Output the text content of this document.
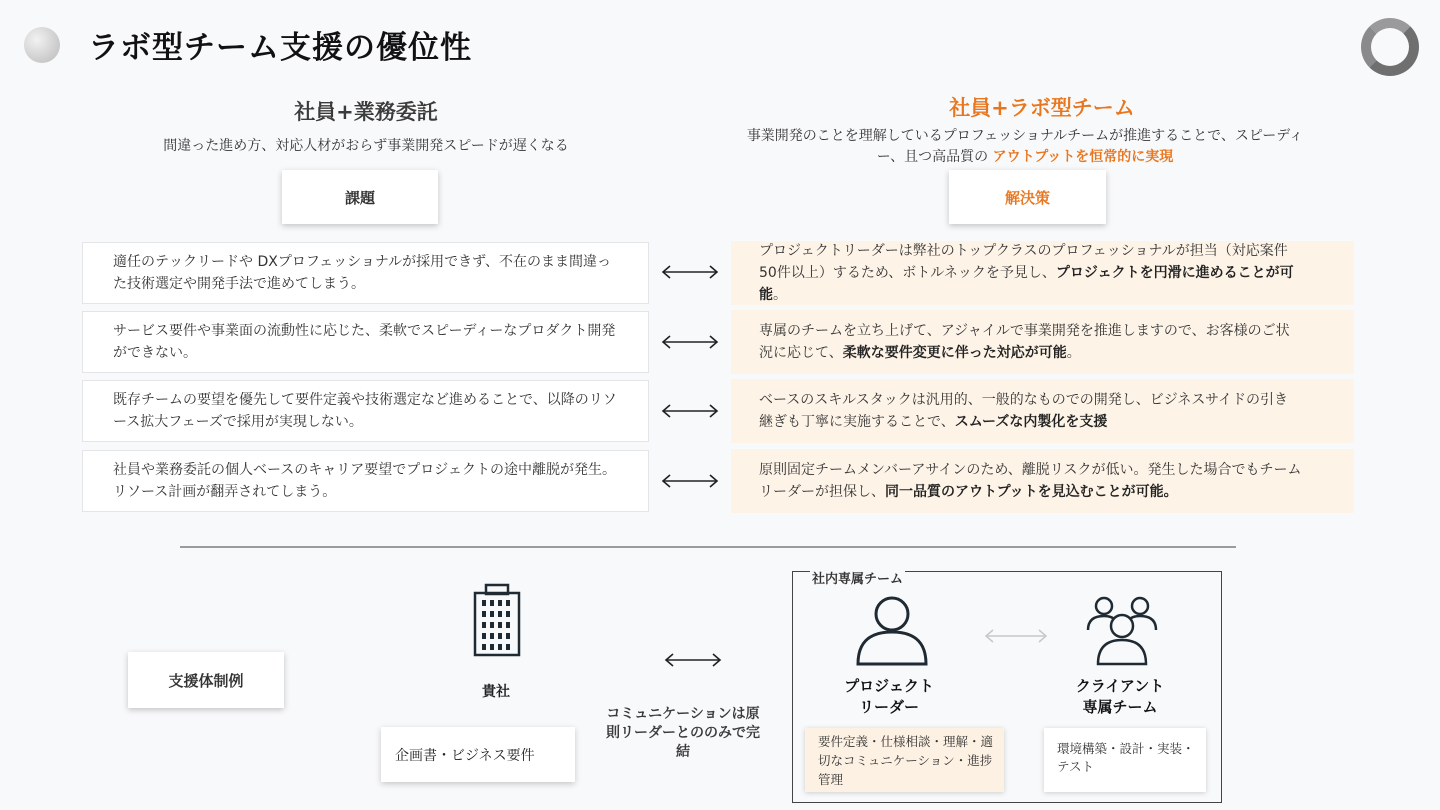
ラボ型チーム支援の優位性
社員+業務委託
間違った進め方、対応人材がおらず事業開発スピードが遅くなる
課題
社員+ラボ型チーム
事業開発のことを理解しているプロフェッショナルチームが推進することで、スピーディー、且つ高品質の アウトプットを恒常的に実現
解決策
適任のテックリードや DXプロフェッショナルが採用できず、不在のまま間違った技術選定や開発手法で進めてしまう。
プロジェクトリーダーは弊社のトップクラスのプロフェッショナルが担当（対応案件50件以上）するため、ボトルネックを予見し、プロジェクトを円滑に進めることが可能。
サービス要件や事業面の流動性に応じた、柔軟でスピーディーなプロダクト開発ができない。
専属のチームを立ち上げて、アジャイルで事業開発を推進しますので、お客様のご状況に応じて、柔軟な要件変更に伴った対応が可能。
既存チームの要望を優先して要件定義や技術選定など進めることで、以降のリソース拡大フェーズで採用が実現しない。
ベースのスキルスタックは汎用的、一般的なものでの開発し、ビジネスサイドの引き継ぎも丁寧に実施することで、スムーズな内製化を支援
社員や業務委託の個人ベースのキャリア要望でプロジェクトの途中離脱が発生。リソース計画が翻弄されてしまう。
原則固定チームメンバーアサインのため、離脱リスクが低い。発生した場合でもチームリーダーが担保し、同一品質のアウトプットを見込むことが可能。
支援体制例
貴社
企画書・ビジネス要件
コミュニケーションは原則リーダーとののみで完結
社内専属チーム
プロジェクト
リーダー
クライアント
専属チーム
要件定義・仕様相談・理解・適切なコミュニケーション・進捗管理
環境構築・設計・実装・テスト
